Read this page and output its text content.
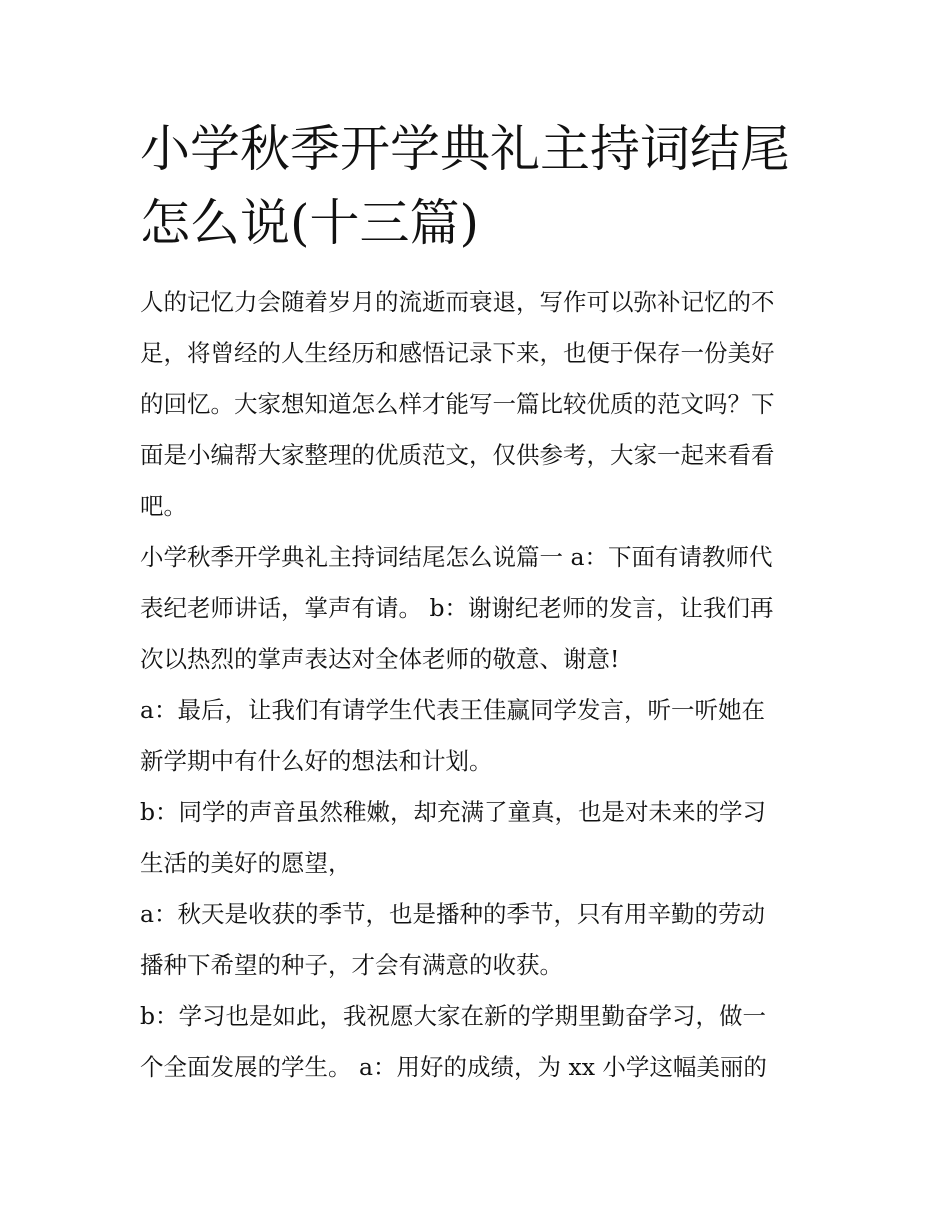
小学秋季开学典礼主持词结尾
怎么说(十三篇)

人的记忆力会随着岁月的流逝而衰退，写作可以弥补记忆的不
足，将曾经的人生经历和感悟记录下来，也便于保存一份美好
的回忆。大家想知道怎么样才能写一篇比较优质的范文吗？下
面是小编帮大家整理的优质范文，仅供参考，大家一起来看看
吧。

小学秋季开学典礼主持词结尾怎么说篇一 a：下面有请教师代
表纪老师讲话，掌声有请。 b：谢谢纪老师的发言，让我们再
次以热烈的掌声表达对全体老师的敬意、谢意!

a：最后，让我们有请学生代表王佳赢同学发言，听一听她在
新学期中有什么好的想法和计划。

b：同学的声音虽然稚嫩，却充满了童真，也是对未来的学习
生活的美好的愿望，

a：秋天是收获的季节，也是播种的季节，只有用辛勤的劳动
播种下希望的种子，才会有满意的收获。

b：学习也是如此，我祝愿大家在新的学期里勤奋学习，做一
个全面发展的学生。 a：用好的成绩，为 xx 小学这幅美丽的
